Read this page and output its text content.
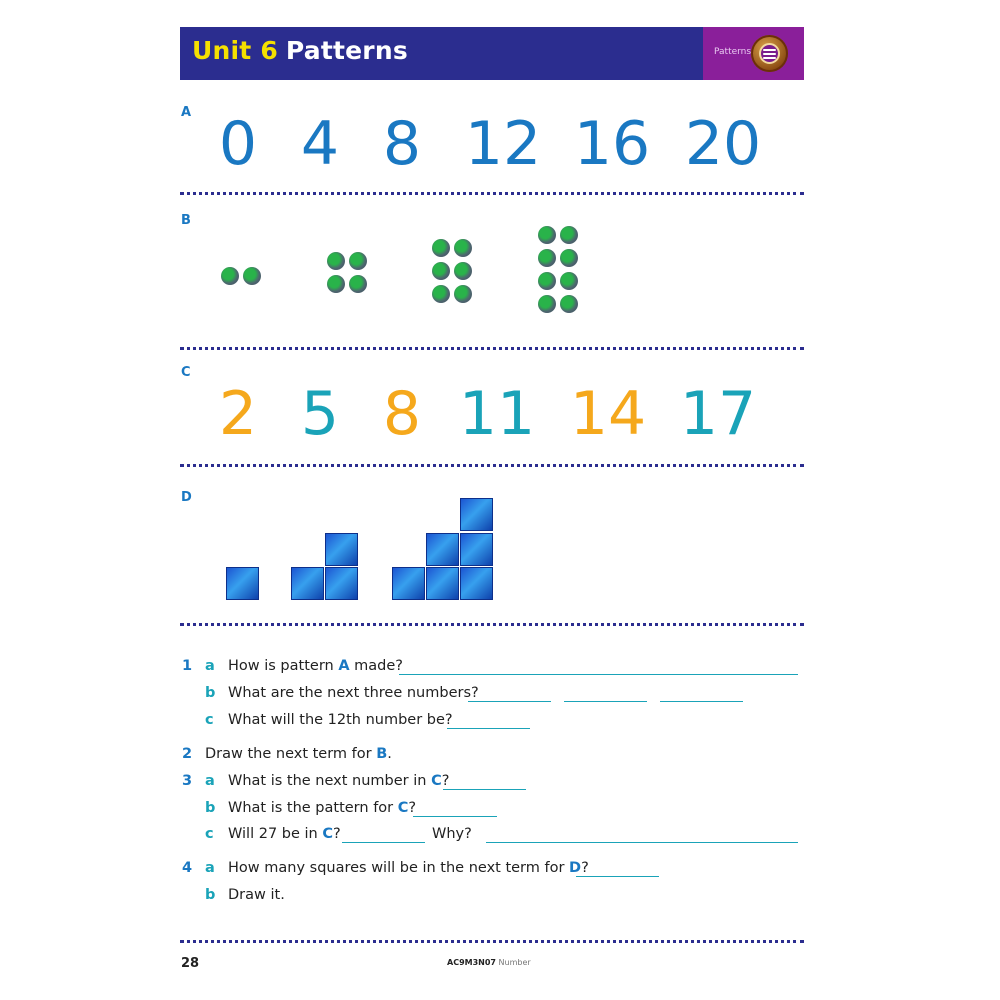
Unit 6 Patterns	Patterns
A 0 4 8 12 16 20
B
C
2 5 8 11 14 17
D
1 a How is pattern A made?
b What are the next three numbers?
c What will the 12th number be?
2 Draw the next term for B.
3 a What is the next number in C?
b What is the pattern for C?
c Will 27 be in C?	Why?
4 a How many squares will be in the next term for D?
b Draw it.
28	AC9M3N07 Number
